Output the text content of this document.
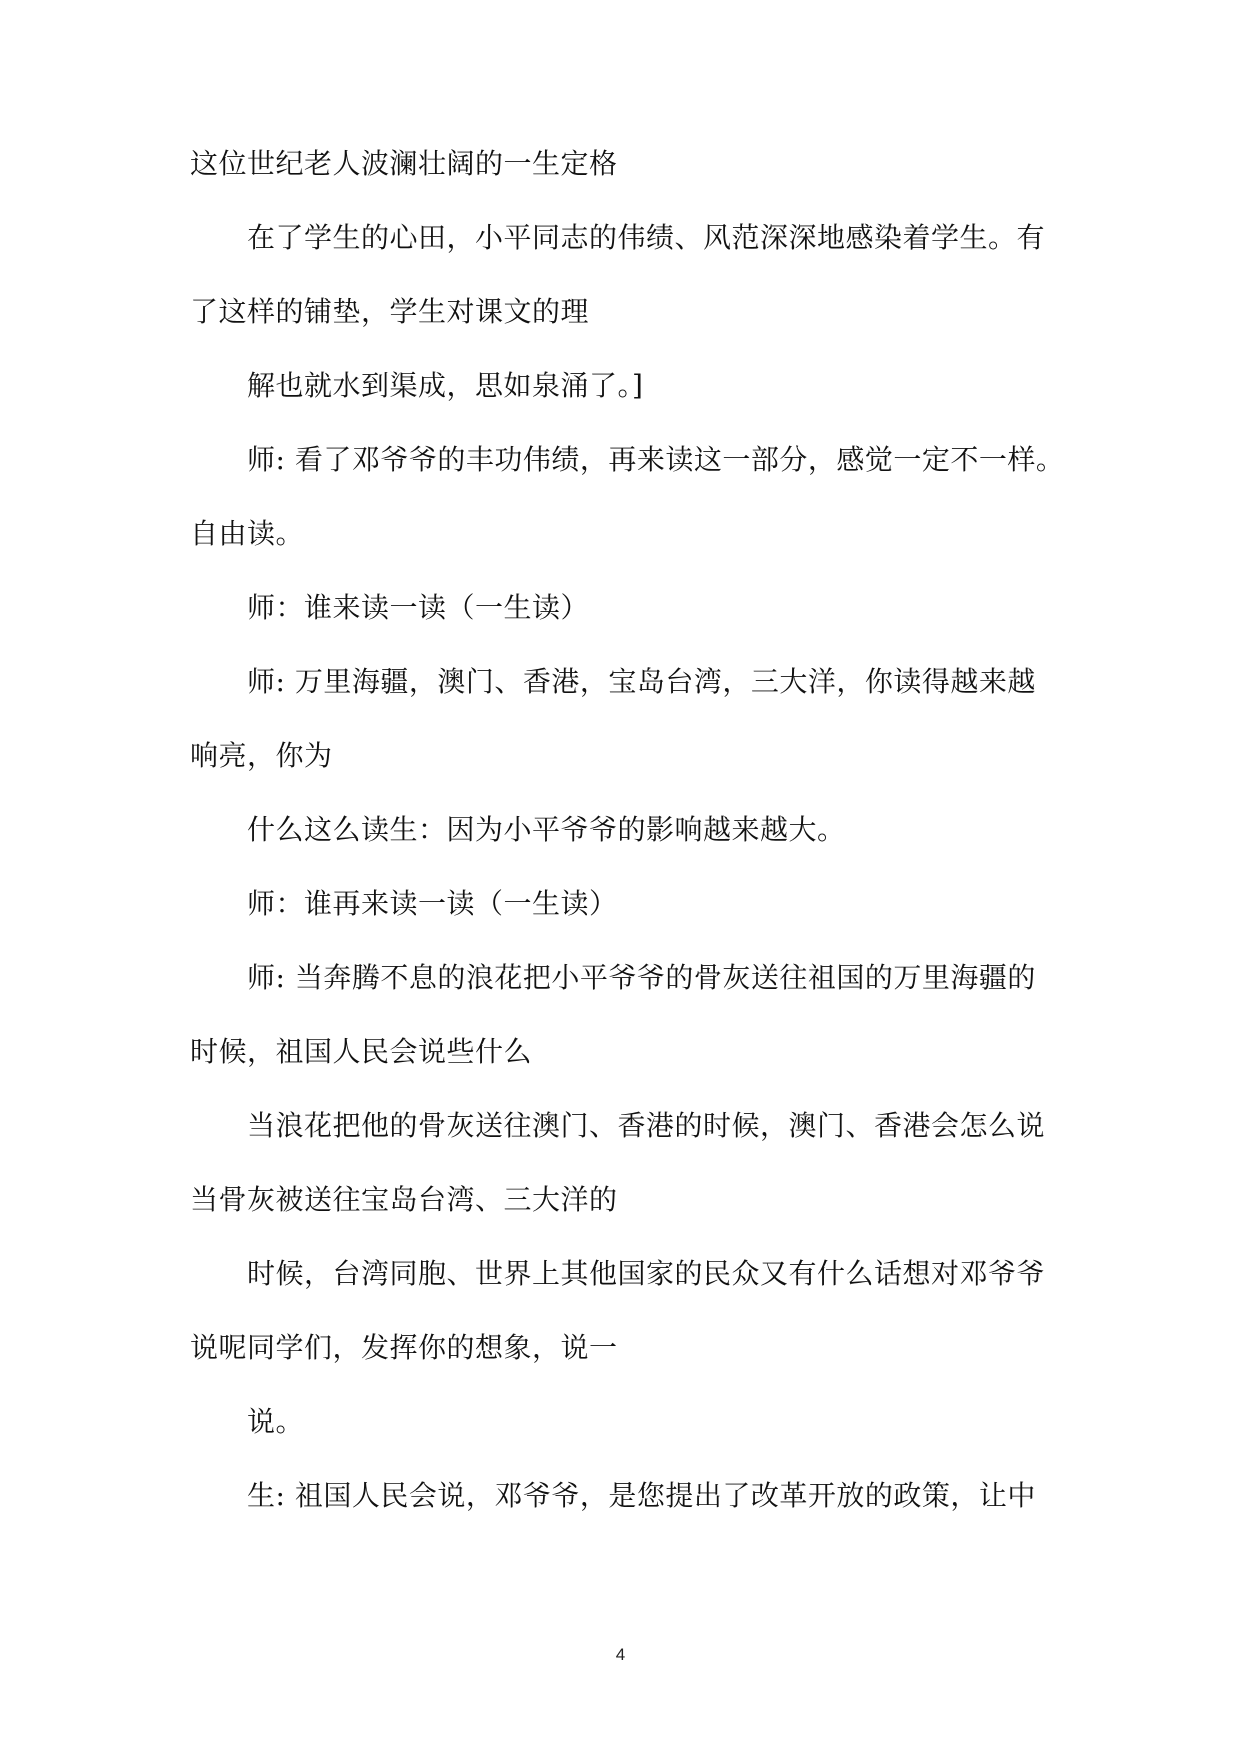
这位世纪老人波澜壮阔的一生定格

在了学生的心田，小平同志的伟绩、风范深深地感染着学生。有

了这样的铺垫，学生对课文的理

解也就水到渠成，思如泉涌了。]

师: 看了邓爷爷的丰功伟绩，再来读这一部分，感觉一定不一样。

自由读。

师：谁来读一读（一生读）

师: 万里海疆，澳门、香港，宝岛台湾，三大洋，你读得越来越

响亮，你为

什么这么读生：因为小平爷爷的影响越来越大。

师：谁再来读一读（一生读）

师: 当奔腾不息的浪花把小平爷爷的骨灰送往祖国的万里海疆的

时候，祖国人民会说些什么

当浪花把他的骨灰送往澳门、香港的时候，澳门、香港会怎么说

当骨灰被送往宝岛台湾、三大洋的

时候，台湾同胞、世界上其他国家的民众又有什么话想对邓爷爷

说呢同学们，发挥你的想象，说一

说。

生: 祖国人民会说，邓爷爷，是您提出了改革开放的政策，让中

4
